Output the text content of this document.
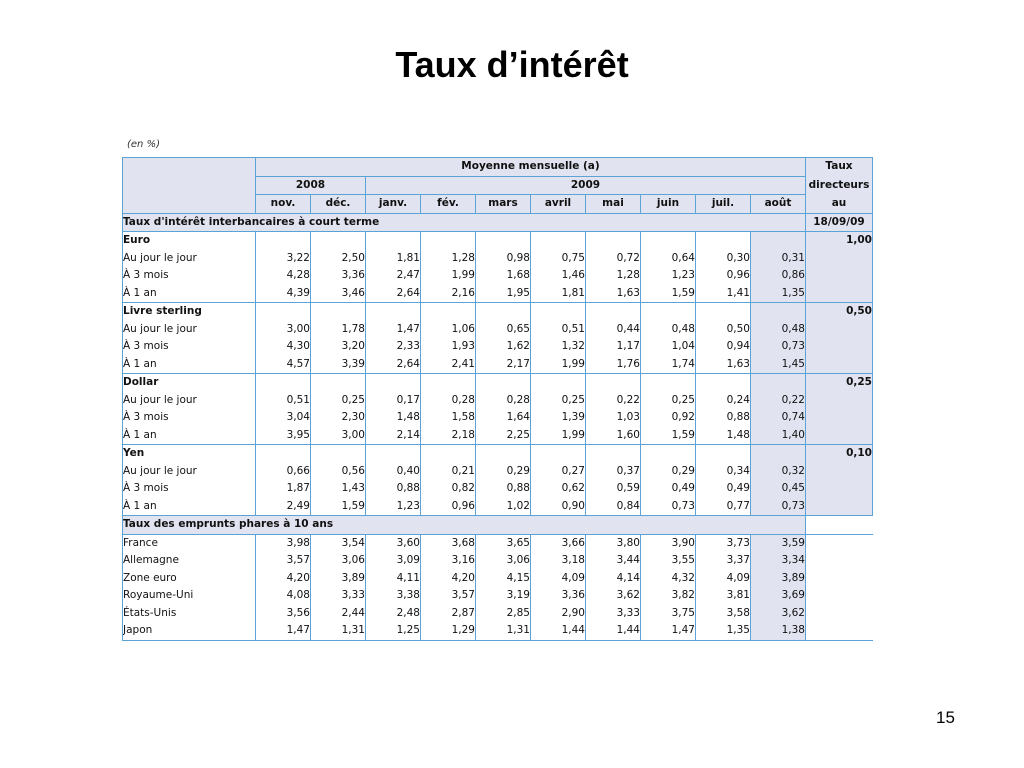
Taux d’intérêt
(en %)
	Moyenne mensuelle (a)										Taux
	2008		2009								directeurs
	nov.	déc.	janv.	fév.	mars	avril	mai	juin	juil.	août	au
Taux d'intérêt interbancaires à court terme											18/09/09
Euro											1,00
Au jour le jour	3,22	2,50	1,81	1,28	0,98	0,75	0,72	0,64	0,30	0,31	
À 3 mois	4,28	3,36	2,47	1,99	1,68	1,46	1,28	1,23	0,96	0,86	
À 1 an	4,39	3,46	2,64	2,16	1,95	1,81	1,63	1,59	1,41	1,35	
Livre sterling											0,50
Au jour le jour	3,00	1,78	1,47	1,06	0,65	0,51	0,44	0,48	0,50	0,48	
À 3 mois	4,30	3,20	2,33	1,93	1,62	1,32	1,17	1,04	0,94	0,73	
À 1 an	4,57	3,39	2,64	2,41	2,17	1,99	1,76	1,74	1,63	1,45	
Dollar											0,25
Au jour le jour	0,51	0,25	0,17	0,28	0,28	0,25	0,22	0,25	0,24	0,22	
À 3 mois	3,04	2,30	1,48	1,58	1,64	1,39	1,03	0,92	0,88	0,74	
À 1 an	3,95	3,00	2,14	2,18	2,25	1,99	1,60	1,59	1,48	1,40	
Yen											0,10
Au jour le jour	0,66	0,56	0,40	0,21	0,29	0,27	0,37	0,29	0,34	0,32	
À 3 mois	1,87	1,43	0,88	0,82	0,88	0,62	0,59	0,49	0,49	0,45	
À 1 an	2,49	1,59	1,23	0,96	1,02	0,90	0,84	0,73	0,77	0,73	
Taux des emprunts phares à 10 ans											
France	3,98	3,54	3,60	3,68	3,65	3,66	3,80	3,90	3,73	3,59	
Allemagne	3,57	3,06	3,09	3,16	3,06	3,18	3,44	3,55	3,37	3,34	
Zone euro	4,20	3,89	4,11	4,20	4,15	4,09	4,14	4,32	4,09	3,89	
Royaume-Uni	4,08	3,33	3,38	3,57	3,19	3,36	3,62	3,82	3,81	3,69	
États-Unis	3,56	2,44	2,48	2,87	2,85	2,90	3,33	3,75	3,58	3,62	
Japon	1,47	1,31	1,25	1,29	1,31	1,44	1,44	1,47	1,35	1,38	
15
